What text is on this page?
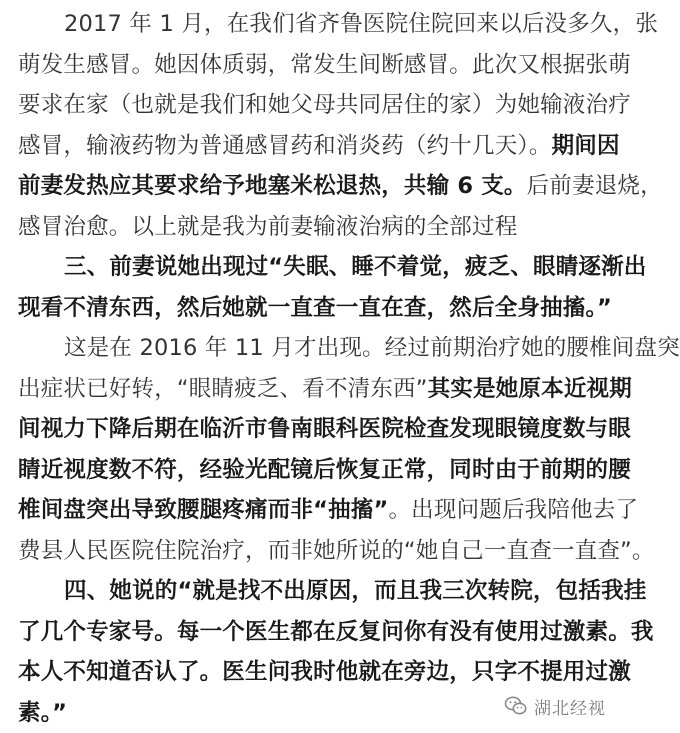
2017 年 1 月，在我们省齐鲁医院住院回来以后没多久，张
萌发生感冒。她因体质弱，常发生间断感冒。此次又根据张萌
要求在家（也就是我们和她父母共同居住的家）为她输液治疗
感冒，输液药物为普通感冒药和消炎药（约十几天）。期间因
前妻发热应其要求给予地塞米松退热，共输 6 支。后前妻退烧，
感冒治愈。以上就是我为前妻输液治病的全部过程
三、前妻说她出现过“失眠、睡不着觉，疲乏、眼睛逐渐出
现看不清东西，然后她就一直查一直在查，然后全身抽搐。”
这是在 2016 年 11 月才出现。经过前期治疗她的腰椎间盘突
出症状已好转，“眼睛疲乏、看不清东西”其实是她原本近视期
间视力下降后期在临沂市鲁南眼科医院检查发现眼镜度数与眼
睛近视度数不符，经验光配镜后恢复正常，同时由于前期的腰
椎间盘突出导致腰腿疼痛而非“抽搐”。出现问题后我陪他去了
费县人民医院住院治疗，而非她所说的“她自己一直查一直查”。
四、她说的“就是找不出原因，而且我三次转院，包括我挂
了几个专家号。每一个医生都在反复问你有没有使用过激素。我
本人不知道否认了。医生问我时他就在旁边，只字不提用过激
素。”	湖北经视
